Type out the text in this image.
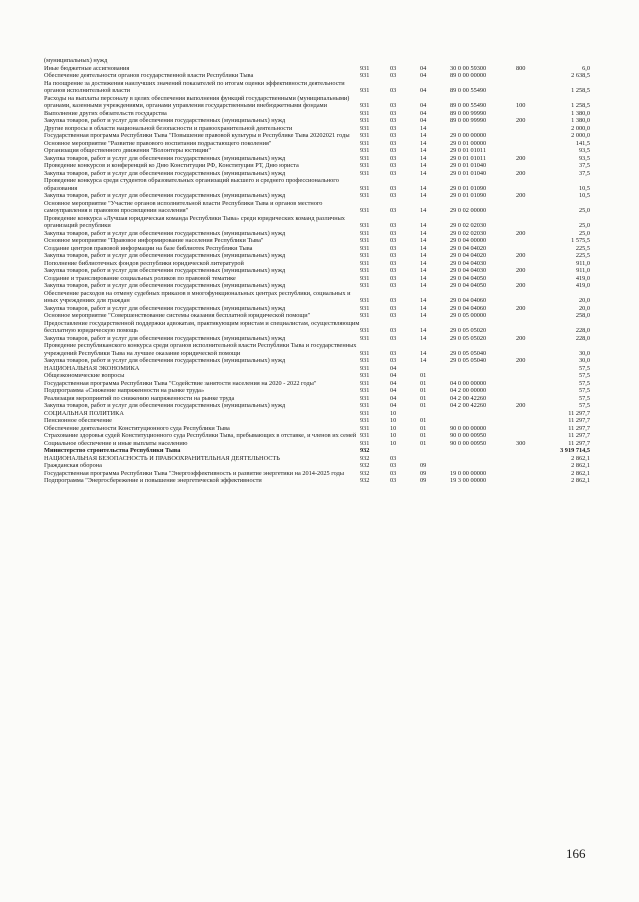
(муниципальных) нужд						
Иные бюджетные ассигнования	931	03	04	30 0 00 59300	800	6,0
Обеспечение деятельности органов государственной власти Республики Тыва	931	03	04	89 0 00 00000		2 638,5
На поощрение за достижения наилучших значений показателей по итогам оценки эффективности деятельности органов исполнительной власти	931	03	04	89 0 00 55490		1 258,5
Расходы на выплаты персоналу в целях обеспечения выполнения функций государственными (муниципальными) органами, казенными учреждениями, органами управления государственными внебюджетными фондами	931	03	04	89 0 00 55490	100	1 258,5
Выполнение других обязательств государства	931	03	04	89 0 00 99990		1 380,0
Закупка товаров, работ и услуг для обеспечения государственных (муниципальных) нужд	931	03	04	89 0 00 99990	200	1 380,0
Другие вопросы в области национальной безопасности и правоохранительной деятельности	931	03	14			2 000,0
Государственная программа Республики Тыва "Повышение правовой культуры в Республике Тыва 20202021 годы	931	03	14	29 0 00 00000		2 000,0
Основное мероприятие "Развитие правового воспитания подрастающего поколения"	931	03	14	29 0 01 00000		141,5
Организация общественного движения "Волонтеры юстиции"	931	03	14	29 0 01 01011		93,5
Закупка товаров, работ и услуг для обеспечения государственных (муниципальных) нужд	931	03	14	29 0 01 01011	200	93,5
Проведение конкурсов и конференций ко Дню Конституции РФ, Конституции РТ, Дню юриста	931	03	14	29 0 01 01040		37,5
Закупка товаров, работ и услуг для обеспечения государственных (муниципальных) нужд	931	03	14	29 0 01 01040	200	37,5
Проведение конкурса среди студентов образовательных организаций высшего и среднего профессионального образования	931	03	14	29 0 01 01090		10,5
Закупка товаров, работ и услуг для обеспечения государственных (муниципальных) нужд	931	03	14	29 0 01 01090	200	10,5
Основное мероприятие "Участие органов исполнительной власти Республики Тыва и органов местного самоуправления в правовом просвещении населения"	931	03	14	29 0 02 00000		25,0
Проведение конкурса «Лучшая юридическая команда Республики Тыва» среди юридических команд различных организаций республики	931	03	14	29 0 02 02030		25,0
Закупка товаров, работ и услуг для обеспечения государственных (муниципальных) нужд	931	03	14	29 0 02 02030	200	25,0
Основное мероприятие "Правовое информирование населения Республики Тыва"	931	03	14	29 0 04 00000		1 575,5
Создание центров правовой информации на базе библиотек Республики Тыва	931	03	14	29 0 04 04020		225,5
Закупка товаров, работ и услуг для обеспечения государственных (муниципальных) нужд	931	03	14	29 0 04 04020	200	225,5
Пополнение библиотечных фондов республики юридической литературой	931	03	14	29 0 04 04030		911,0
Закупка товаров, работ и услуг для обеспечения государственных (муниципальных) нужд	931	03	14	29 0 04 04030	200	911,0
Создание и транслирование социальных роликов по правовой тематике	931	03	14	29 0 04 04050		419,0
Закупка товаров, работ и услуг для обеспечения государственных (муниципальных) нужд	931	03	14	29 0 04 04050	200	419,0
Обеспечение расходов на отмену судебных приказов в многофункциональных центрах республики, социальных и иных учреждениях для граждан	931	03	14	29 0 04 04060		20,0
Закупка товаров, работ и услуг для обеспечения государственных (муниципальных) нужд	931	03	14	29 0 04 04060	200	20,0
Основное мероприятие "Совершенствование системы оказания бесплатной юридической помощи"	931	03	14	29 0 05 00000		258,0
Предоставление государственной поддержки адвокатам, практикующим юристам и специалистам, осуществляющим бесплатную юридическую помощь	931	03	14	29 0 05 05020		228,0
Закупка товаров, работ и услуг для обеспечения государственных (муниципальных) нужд	931	03	14	29 0 05 05020	200	228,0
Проведение республиканского конкурса среди органов исполнительной власти Республики Тыва и государственных учреждений Республики Тыва на лучшее оказание юридической помощи	931	03	14	29 0 05 05040		30,0
Закупка товаров, работ и услуг для обеспечения государственных (муниципальных) нужд	931	03	14	29 0 05 05040	200	30,0
НАЦИОНАЛЬНАЯ ЭКОНОМИКА	931	04				57,5
Общеэкономические вопросы	931	04	01			57,5
Государственная программа Республики Тыва "Содействие занятости населения на 2020 - 2022 годы"	931	04	01	04 0 00 00000		57,5
Подпрограмма «Снижение напряженности на рынке труда»	931	04	01	04 2 00 00000		57,5
Реализация мероприятий по снижению напряженности на рынке труда	931	04	01	04 2 00 42260		57,5
Закупка товаров, работ и услуг для обеспечения государственных (муниципальных) нужд	931	04	01	04 2 00 42260	200	57,5
СОЦИАЛЬНАЯ ПОЛИТИКА	931	10				11 297,7
Пенсионное обеспечение	931	10	01			11 297,7
Обеспечение деятельности Конституционного суда Республики Тыва	931	10	01	90 0 00 00000		11 297,7
Страхование здоровья судей Конституционного суда Республики Тыва, пребывающих в отставке, и членов их семей	931	10	01	90 0 00 00950		11 297,7
Социальное обеспечение и иные выплаты населению	931	10	01	90 0 00 00950	300	11 297,7
Министерство строительства Республики Тыва	932					3 919 714,5
НАЦИОНАЛЬНАЯ БЕЗОПАСНОСТЬ И ПРАВООХРАНИТЕЛЬНАЯ ДЕЯТЕЛЬНОСТЬ	932	03				2 862,1
Гражданская оборона	932	03	09			2 862,1
Государственная программа Республики Тыва "Энергоэффективность и развитие энергетики на 2014-2025 годы	932	03	09	19 0 00 00000		2 862,1
Подпрограмма "Энергосбережение и повышение энергетической эффективности	932	03	09	19 3 00 00000		2 862,1
166
